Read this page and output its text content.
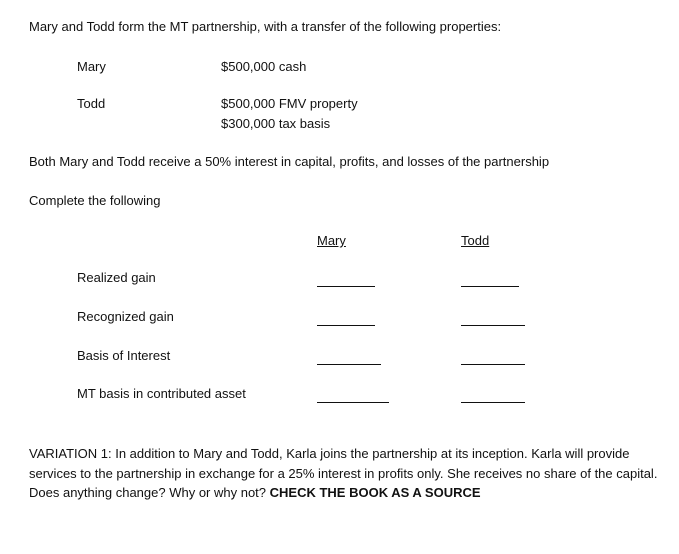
Mary and Todd form the MT partnership, with a transfer of the following properties:
Mary	$500,000 cash
Todd	$500,000 FMV property
$300,000 tax basis
Both Mary and Todd receive a 50% interest in capital, profits, and losses of the partnership
Complete the following
Mary	Todd
Realized gain
Recognized gain
Basis of Interest
MT basis in contributed asset
VARIATION 1: In addition to Mary and Todd, Karla joins the partnership at its inception. Karla will provide services to the partnership in exchange for a 25% interest in profits only. She receives no share of the capital. Does anything change? Why or why not? CHECK THE BOOK AS A SOURCE
